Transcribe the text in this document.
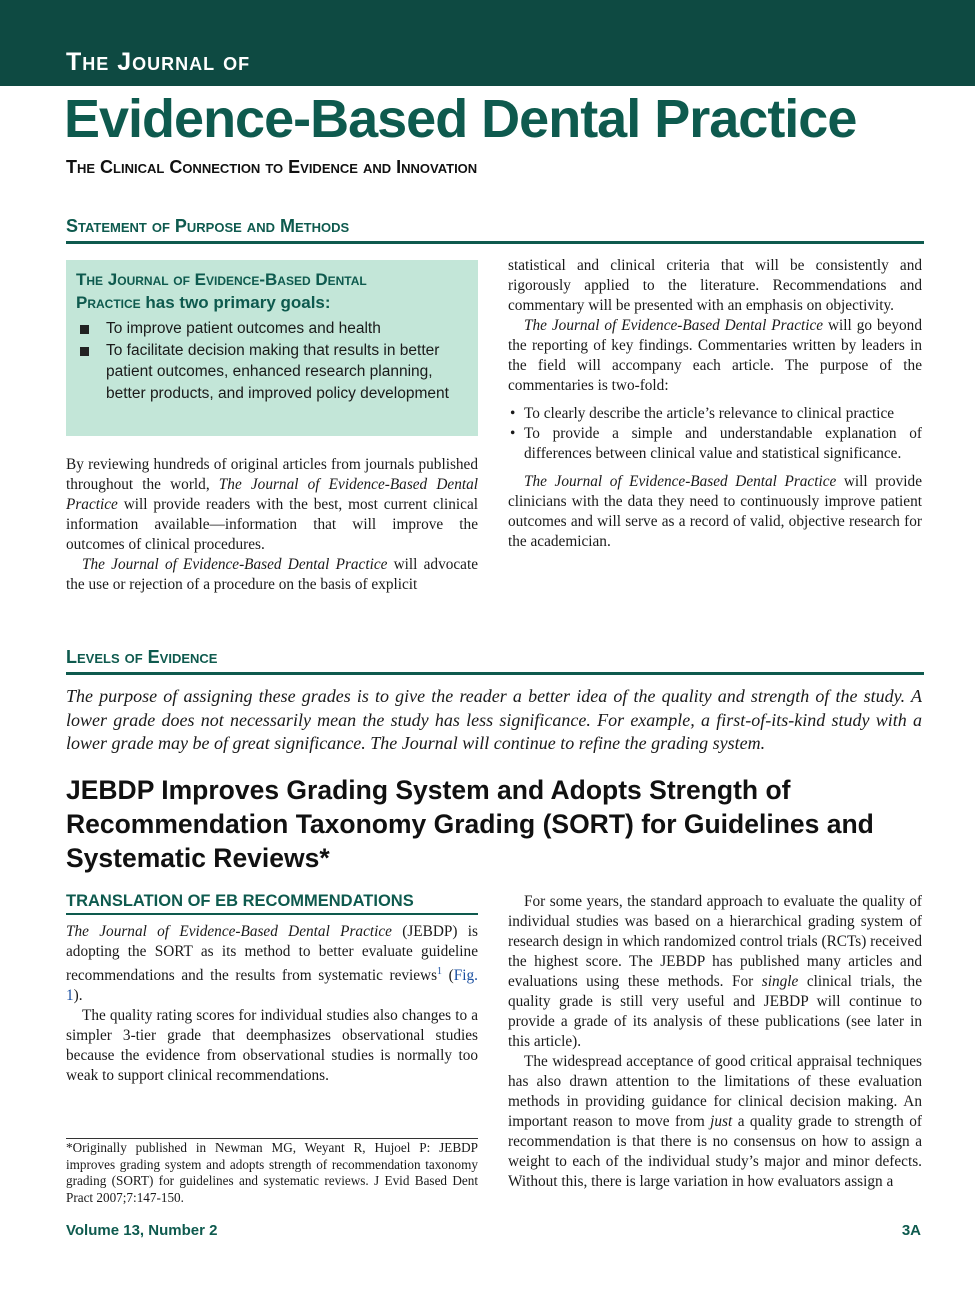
The Journal of
Evidence-Based Dental Practice
The Clinical Connection to Evidence and Innovation
Statement of Purpose and Methods
The Journal of Evidence-Based Dental
Practice has two primary goals:
To improve patient outcomes and health
To facilitate decision making that results in better patient outcomes, enhanced research planning, better products, and improved policy development

By reviewing hundreds of original articles from journals published throughout the world, The Journal of Evidence-Based Dental Practice will provide readers with the best, most current clinical information available—information that will improve the outcomes of clinical procedures.

The Journal of Evidence-Based Dental Practice will advocate the use or rejection of a procedure on the basis of explicit

statistical and clinical criteria that will be consistently and rigorously applied to the literature. Recommendations and commentary will be presented with an emphasis on objectivity.

The Journal of Evidence-Based Dental Practice will go beyond the reporting of key findings. Commentaries written by leaders in the field will accompany each article. The purpose of the commentaries is two-fold:

• To clearly describe the article’s relevance to clinical practice
• To provide a simple and understandable explanation of differences between clinical value and statistical significance.

The Journal of Evidence-Based Dental Practice will provide clinicians with the data they need to continuously improve patient outcomes and will serve as a record of valid, objective research for the academician.

Levels of Evidence
The purpose of assigning these grades is to give the reader a better idea of the quality and strength of the study. A lower grade does not necessarily mean the study has less significance. For example, a first-of-its-kind study with a lower grade may be of great significance. The Journal will continue to refine the grading system.
JEBDP Improves Grading System and Adopts Strength of Recommendation Taxonomy Grading (SORT) for Guidelines and Systematic Reviews*
TRANSLATION OF EB RECOMMENDATIONS

The Journal of Evidence-Based Dental Practice (JEBDP) is adopting the SORT as its method to better evaluate guideline recommendations and the results from systematic reviews$^1$ (Fig. 1).

The quality rating scores for individual studies also changes to a simpler 3-tier grade that deemphasizes observational studies because the evidence from observational studies is normally too weak to support clinical recommendations.

*Originally published in Newman MG, Weyant R, Hujoel P: JEBDP improves grading system and adopts strength of recommendation taxonomy grading (SORT) for guidelines and systematic reviews. J Evid Based Dent Pract 2007;7:147-150.

For some years, the standard approach to evaluate the quality of individual studies was based on a hierarchical grading system of research design in which randomized control trials (RCTs) received the highest score. The JEBDP has published many articles and evaluations using these methods. For single clinical trials, the quality grade is still very useful and JEBDP will continue to provide a grade of its analysis of these publications (see later in this article).

The widespread acceptance of good critical appraisal techniques has also drawn attention to the limitations of these evaluation methods in providing guidance for clinical decision making. An important reason to move from just a quality grade to strength of recommendation is that there is no consensus on how to assign a weight to each of the individual study’s major and minor defects. Without this, there is large variation in how evaluators assign a

Volume 13, Number 2	3A
